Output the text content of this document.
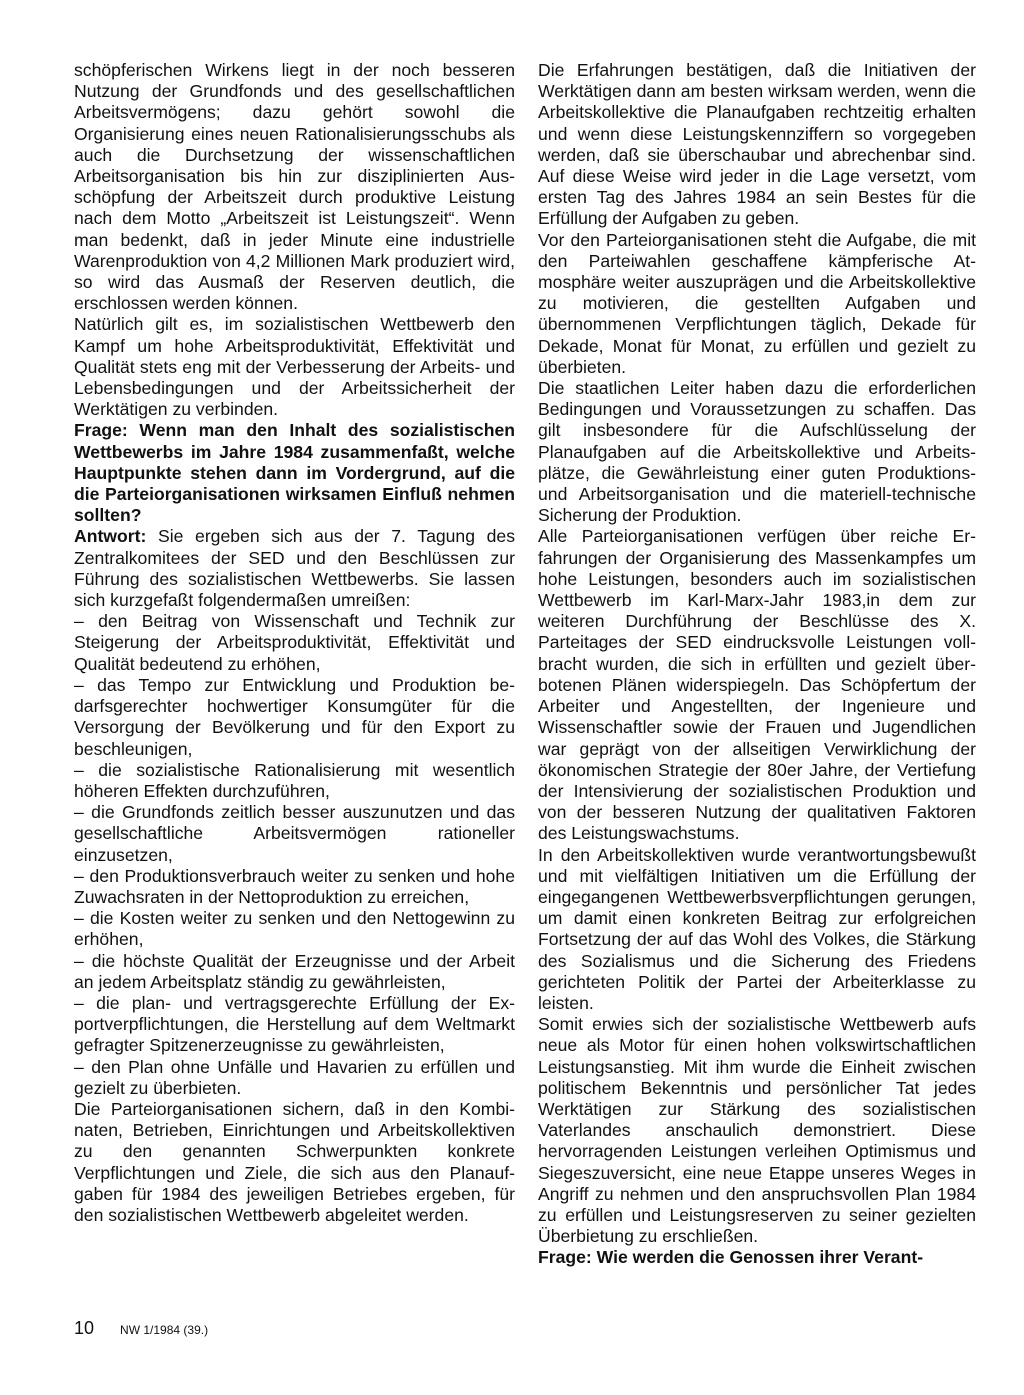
schöpferischen Wirkens liegt in der noch besseren Nutzung der Grundfonds und des gesellschaftlichen Arbeitsvermögens; dazu gehört sowohl die Organisierung eines neuen Rationalisierungsschubs als auch die Durchsetzung der wissenschaftlichen Arbeitsorganisation bis hin zur disziplinierten Ausschöpfung der Arbeitszeit durch produktive Leistung nach dem Motto „Arbeitszeit ist Leistungszeit“. Wenn man bedenkt, daß in jeder Minute eine industrielle Warenproduktion von 4,2 Millionen Mark produziert wird, so wird das Ausmaß der Reserven deutlich, die erschlossen werden können.

Natürlich gilt es, im sozialistischen Wettbewerb den Kampf um hohe Arbeitsproduktivität, Effektivität und Qualität stets eng mit der Verbesserung der Arbeits- und Lebensbedingungen und der Arbeitssicherheit der Werktätigen zu verbinden.

Frage: Wenn man den Inhalt des sozialistischen Wettbewerbs im Jahre 1984 zusammenfaßt, welche Hauptpunkte stehen dann im Vordergrund, auf die die Parteiorganisationen wirksamen Einfluß nehmen sollten?

Antwort: Sie ergeben sich aus der 7. Tagung des Zentralkomitees der SED und den Beschlüssen zur Führung des sozialistischen Wettbewerbs. Sie lassen sich kurzgefaßt folgendermaßen umreißen:

– den Beitrag von Wissenschaft und Technik zur Steigerung der Arbeitsproduktivität, Effektivität und Qualität bedeutend zu erhöhen,
– das Tempo zur Entwicklung und Produktion bedarfsgerechter hochwertiger Konsumgüter für die Versorgung der Bevölkerung und für den Export zu beschleunigen,
– die sozialistische Rationalisierung mit wesentlich höheren Effekten durchzuführen,
– die Grundfonds zeitlich besser auszunutzen und das gesellschaftliche Arbeitsvermögen rationeller einzusetzen,
– den Produktionsverbrauch weiter zu senken und hohe Zuwachsraten in der Nettoproduktion zu erreichen,
– die Kosten weiter zu senken und den Nettogewinn zu erhöhen,
– die höchste Qualität der Erzeugnisse und der Arbeit an jedem Arbeitsplatz ständig zu gewährleisten,
– die plan- und vertragsgerechte Erfüllung der Exportverpflichtungen, die Herstellung auf dem Weltmarkt gefragter Spitzenerzeugnisse zu gewährleisten,
– den Plan ohne Unfälle und Havarien zu erfüllen und gezielt zu überbieten.

Die Parteiorganisationen sichern, daß in den Kombinaten, Betrieben, Einrichtungen und Arbeitskollektiven zu den genannten Schwerpunkten konkrete Verpflichtungen und Ziele, die sich aus den Planaufgaben für 1984 des jeweiligen Betriebes ergeben, für den sozialistischen Wettbewerb abgeleitet werden.

Die Erfahrungen bestätigen, daß die Initiativen der Werktätigen dann am besten wirksam werden, wenn die Arbeitskollektive die Planaufgaben rechtzeitig erhalten und wenn diese Leistungskennziffern so vorgegeben werden, daß sie überschaubar und abrechenbar sind. Auf diese Weise wird jeder in die Lage versetzt, vom ersten Tag des Jahres 1984 an sein Bestes für die Erfüllung der Aufgaben zu geben.

Vor den Parteiorganisationen steht die Aufgabe, die mit den Parteiwahlen geschaffene kämpferische Atmosphäre weiter auszuprägen und die Arbeitskollektive zu motivieren, die gestellten Aufgaben und übernommenen Verpflichtungen täglich, Dekade für Dekade, Monat für Monat, zu erfüllen und gezielt zu überbieten.

Die staatlichen Leiter haben dazu die erforderlichen Bedingungen und Voraussetzungen zu schaffen. Das gilt insbesondere für die Aufschlüsselung der Planaufgaben auf die Arbeitskollektive und Arbeitsplätze, die Gewährleistung einer guten Produktions- und Arbeitsorganisation und die materiell-technische Sicherung der Produktion.

Alle Parteiorganisationen verfügen über reiche Erfahrungen der Organisierung des Massenkampfes um hohe Leistungen, besonders auch im sozialistischen Wettbewerb im Karl-Marx-Jahr 1983,in dem zur weiteren Durchführung der Beschlüsse des X. Parteitages der SED eindrucksvolle Leistungen vollbracht wurden, die sich in erfüllten und gezielt überbotenen Plänen widerspiegeln. Das Schöpfertum der Arbeiter und Angestellten, der Ingenieure und Wissenschaftler sowie der Frauen und Jugendlichen war geprägt von der allseitigen Verwirklichung der ökonomischen Strategie der 80er Jahre, der Vertiefung der Intensivierung der sozialistischen Produktion und von der besseren Nutzung der qualitativen Faktoren des Leistungswachstums.

In den Arbeitskollektiven wurde verantwortungsbewußt und mit vielfältigen Initiativen um die Erfüllung der eingegangenen Wettbewerbsverpflichtungen gerungen, um damit einen konkreten Beitrag zur erfolgreichen Fortsetzung der auf das Wohl des Volkes, die Stärkung des Sozialismus und die Sicherung des Friedens gerichteten Politik der Partei der Arbeiterklasse zu leisten.

Somit erwies sich der sozialistische Wettbewerb aufs neue als Motor für einen hohen volkswirtschaftlichen Leistungsanstieg. Mit ihm wurde die Einheit zwischen politischem Bekenntnis und persönlicher Tat jedes Werktätigen zur Stärkung des sozialistischen Vaterlandes anschaulich demonstriert. Diese hervorragenden Leistungen verleihen Optimismus und Siegeszuversicht, eine neue Etappe unseres Weges in Angriff zu nehmen und den anspruchsvollen Plan 1984 zu erfüllen und Leistungsreserven zu seiner gezielten Überbietung zu erschließen.

Frage: Wie werden die Genossen ihrer Verant-

10 NW 1/1984 (39.)
